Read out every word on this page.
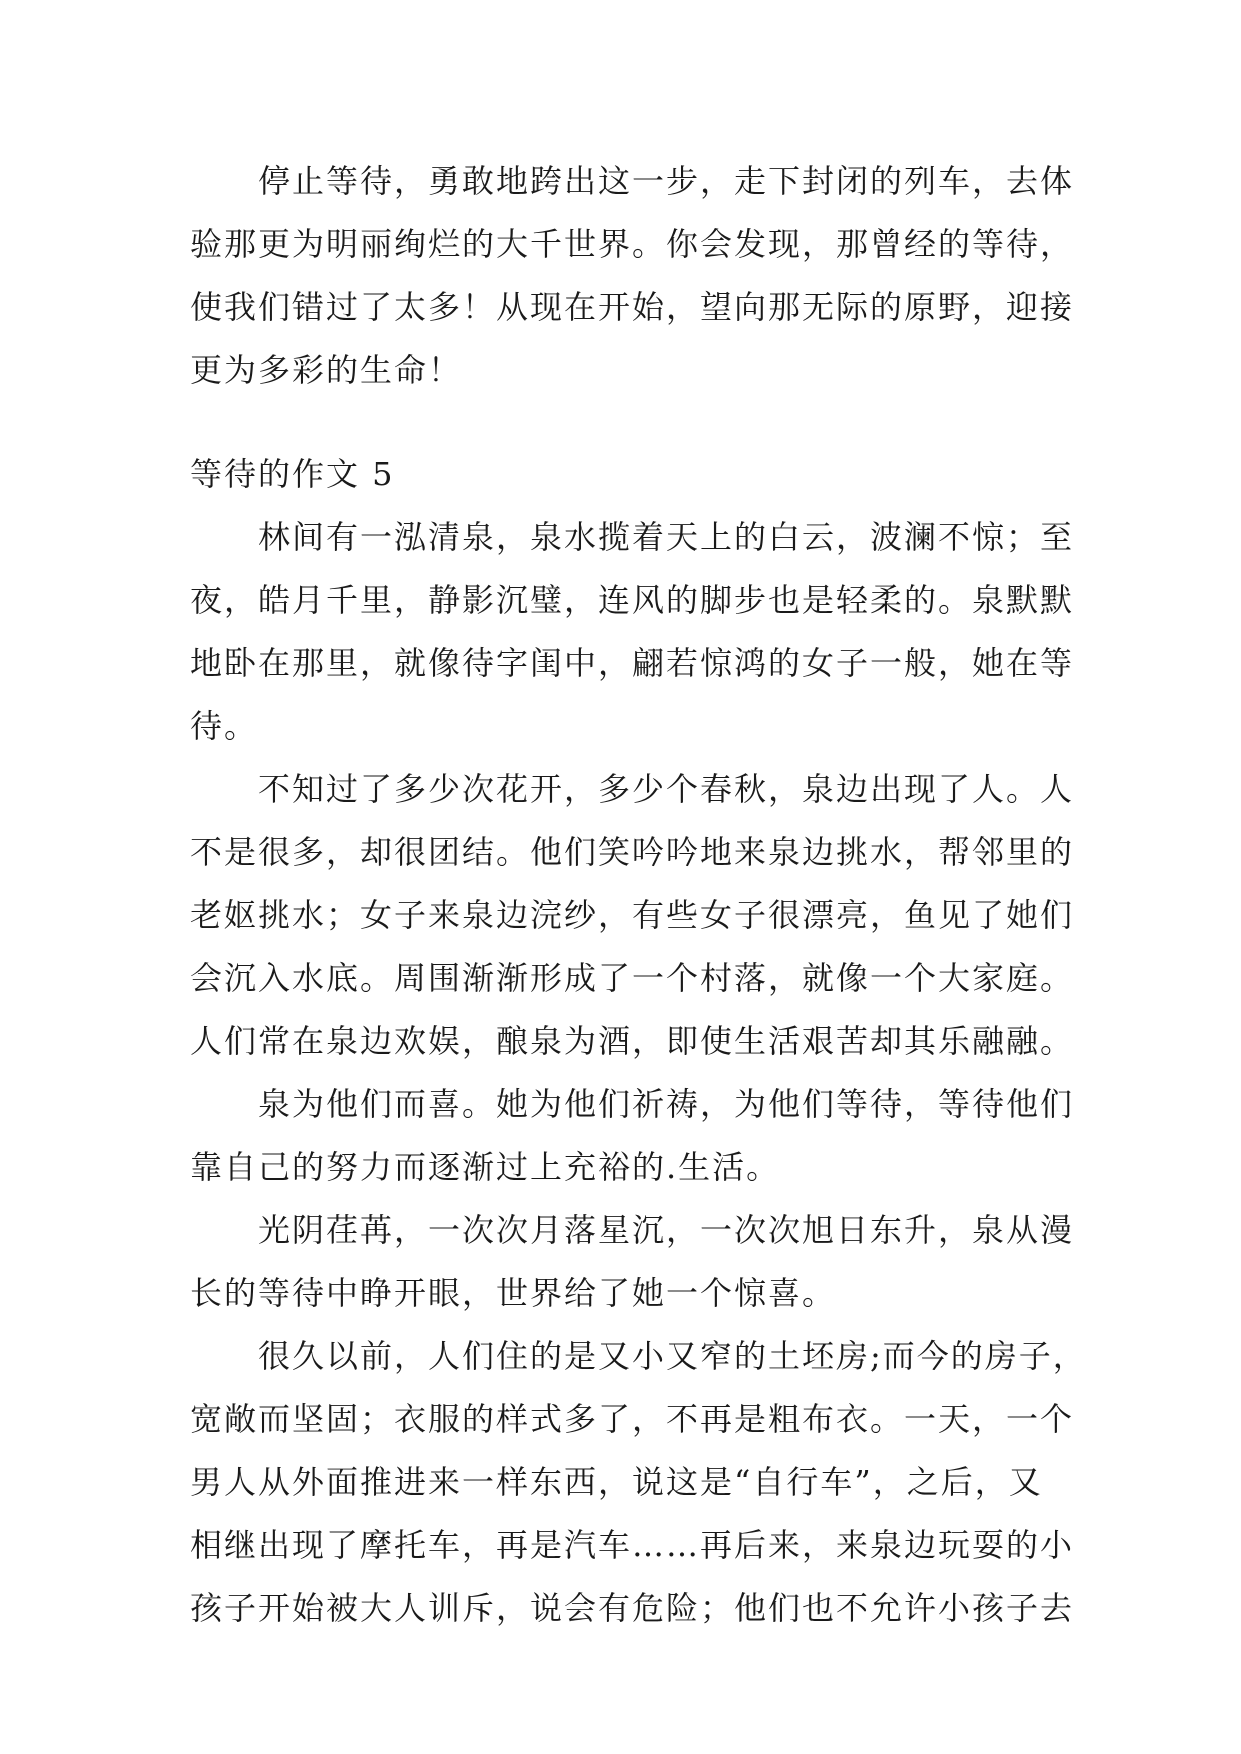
停止等待，勇敢地跨出这一步，走下封闭的列车，去体
验那更为明丽绚烂的大千世界。你会发现，那曾经的等待，
使我们错过了太多！从现在开始，望向那无际的原野，迎接
更为多彩的生命！
等待的作文 5
林间有一泓清泉，泉水揽着天上的白云，波澜不惊；至
夜，皓月千里，静影沉璧，连风的脚步也是轻柔的。泉默默
地卧在那里，就像待字闺中，翩若惊鸿的女子一般，她在等
待。
不知过了多少次花开，多少个春秋，泉边出现了人。人
不是很多，却很团结。他们笑吟吟地来泉边挑水，帮邻里的
老妪挑水；女子来泉边浣纱，有些女子很漂亮，鱼见了她们
会沉入水底。周围渐渐形成了一个村落，就像一个大家庭。
人们常在泉边欢娱，酿泉为酒，即使生活艰苦却其乐融融。
泉为他们而喜。她为他们祈祷，为他们等待，等待他们
靠自己的努力而逐渐过上充裕的.生活。
光阴荏苒，一次次月落星沉，一次次旭日东升，泉从漫
长的等待中睁开眼，世界给了她一个惊喜。
很久以前，人们住的是又小又窄的土坯房;而今的房子，
宽敞而坚固；衣服的样式多了，不再是粗布衣。一天，一个
男人从外面推进来一样东西，说这是“自行车”，之后，又
相继出现了摩托车，再是汽车……再后来，来泉边玩耍的小
孩子开始被大人训斥，说会有危险；他们也不允许小孩子去
